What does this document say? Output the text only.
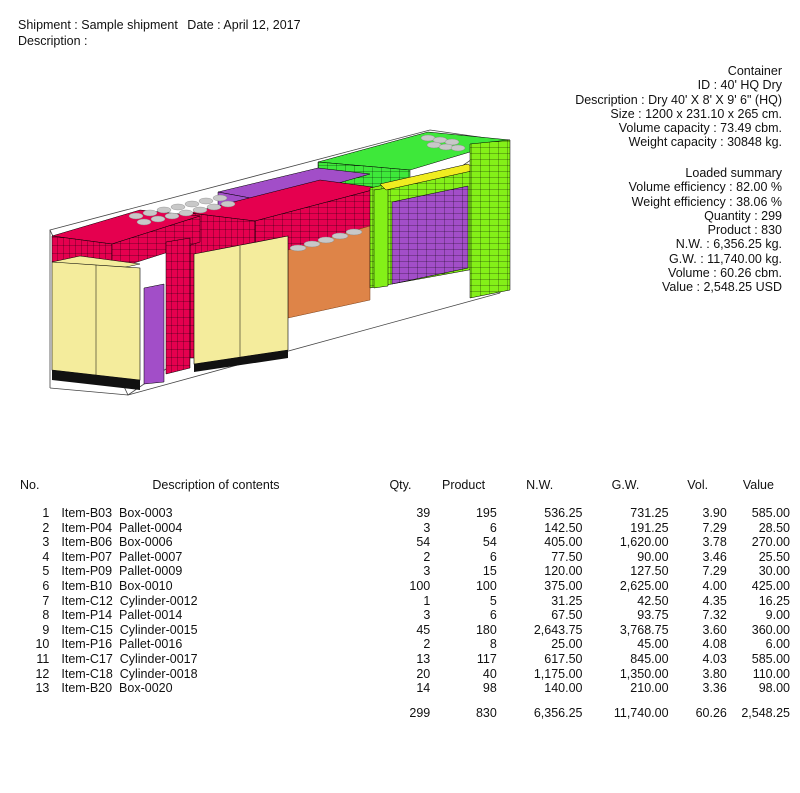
Shipment : Sample shipment Date : April 12, 2017
Description :
Container
ID : 40' HQ Dry
Description : Dry 40' X 8' X 9' 6" (HQ)
Size : 1200 x 231.10 x 265 cm.
Volume capacity : 73.49 cbm.
Weight capacity : 30848 kg.
Loaded summary
Volume efficiency : 82.00 %
Weight efficiency : 38.06 %
Quantity : 299
Product : 830
N.W. : 6,356.25 kg.
G.W. : 11,740.00 kg.
Volume : 60.26 cbm.
Value : 2,548.25 USD
No.	Description of contents	Qty.	Product	N.W.	G.W.	Vol.	Value

1	Item-B03  Box-0003	39	195	536.25	731.25	3.90	585.00
2	Item-P04  Pallet-0004	3	6	142.50	191.25	7.29	28.50
3	Item-B06  Box-0006	54	54	405.00	1,620.00	3.78	270.00
4	Item-P07  Pallet-0007	2	6	77.50	90.00	3.46	25.50
5	Item-P09  Pallet-0009	3	15	120.00	127.50	7.29	30.00
6	Item-B10  Box-0010	100	100	375.00	2,625.00	4.00	425.00
7	Item-C12  Cylinder-0012	1	5	31.25	42.50	4.35	16.25
8	Item-P14  Pallet-0014	3	6	67.50	93.75	7.32	9.00
9	Item-C15  Cylinder-0015	45	180	2,643.75	3,768.75	3.60	360.00
10	Item-P16  Pallet-0016	2	8	25.00	45.00	4.08	6.00
11	Item-C17  Cylinder-0017	13	117	617.50	845.00	4.03	585.00
12	Item-C18  Cylinder-0018	20	40	1,175.00	1,350.00	3.80	110.00
13	Item-B20  Box-0020	14	98	140.00	210.00	3.36	98.00

		299	830	6,356.25	11,740.00	60.26	2,548.25
